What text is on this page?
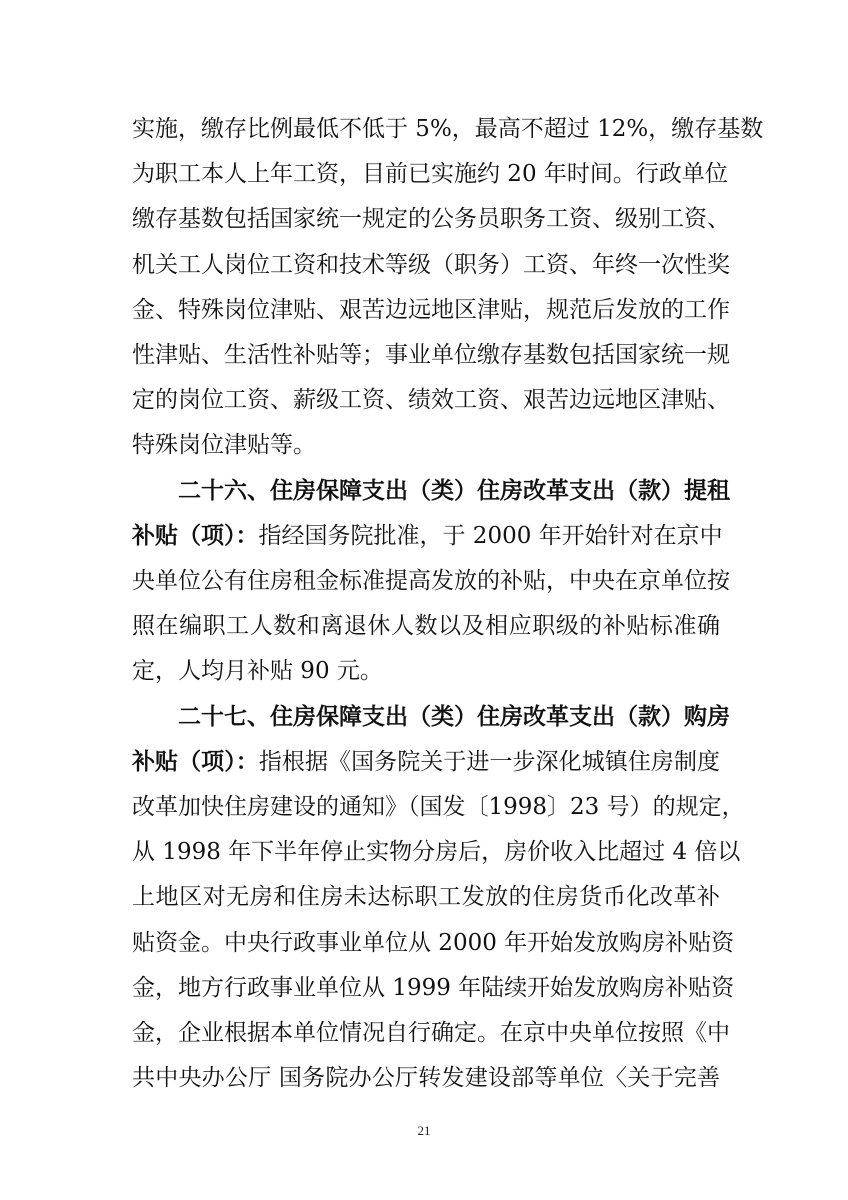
实施，缴存比例最低不低于 5%，最高不超过 12%，缴存基数
为职工本人上年工资，目前已实施约 20 年时间。行政单位
缴存基数包括国家统一规定的公务员职务工资、级别工资、
机关工人岗位工资和技术等级（职务）工资、年终一次性奖
金、特殊岗位津贴、艰苦边远地区津贴，规范后发放的工作
性津贴、生活性补贴等；事业单位缴存基数包括国家统一规
定的岗位工资、薪级工资、绩效工资、艰苦边远地区津贴、
特殊岗位津贴等。
二十六、住房保障支出（类）住房改革支出（款）提租
补贴（项）：指经国务院批准，于 2000 年开始针对在京中
央单位公有住房租金标准提高发放的补贴，中央在京单位按
照在编职工人数和离退休人数以及相应职级的补贴标准确
定，人均月补贴 90 元。
二十七、住房保障支出（类）住房改革支出（款）购房
补贴（项）：指根据《国务院关于进一步深化城镇住房制度
改革加快住房建设的通知》（国发〔1998〕23 号）的规定，
从 1998 年下半年停止实物分房后，房价收入比超过 4 倍以
上地区对无房和住房未达标职工发放的住房货币化改革补
贴资金。中央行政事业单位从 2000 年开始发放购房补贴资
金，地方行政事业单位从 1999 年陆续开始发放购房补贴资
金，企业根据本单位情况自行确定。在京中央单位按照《中
共中央办公厅 国务院办公厅转发建设部等单位〈关于完善
21
